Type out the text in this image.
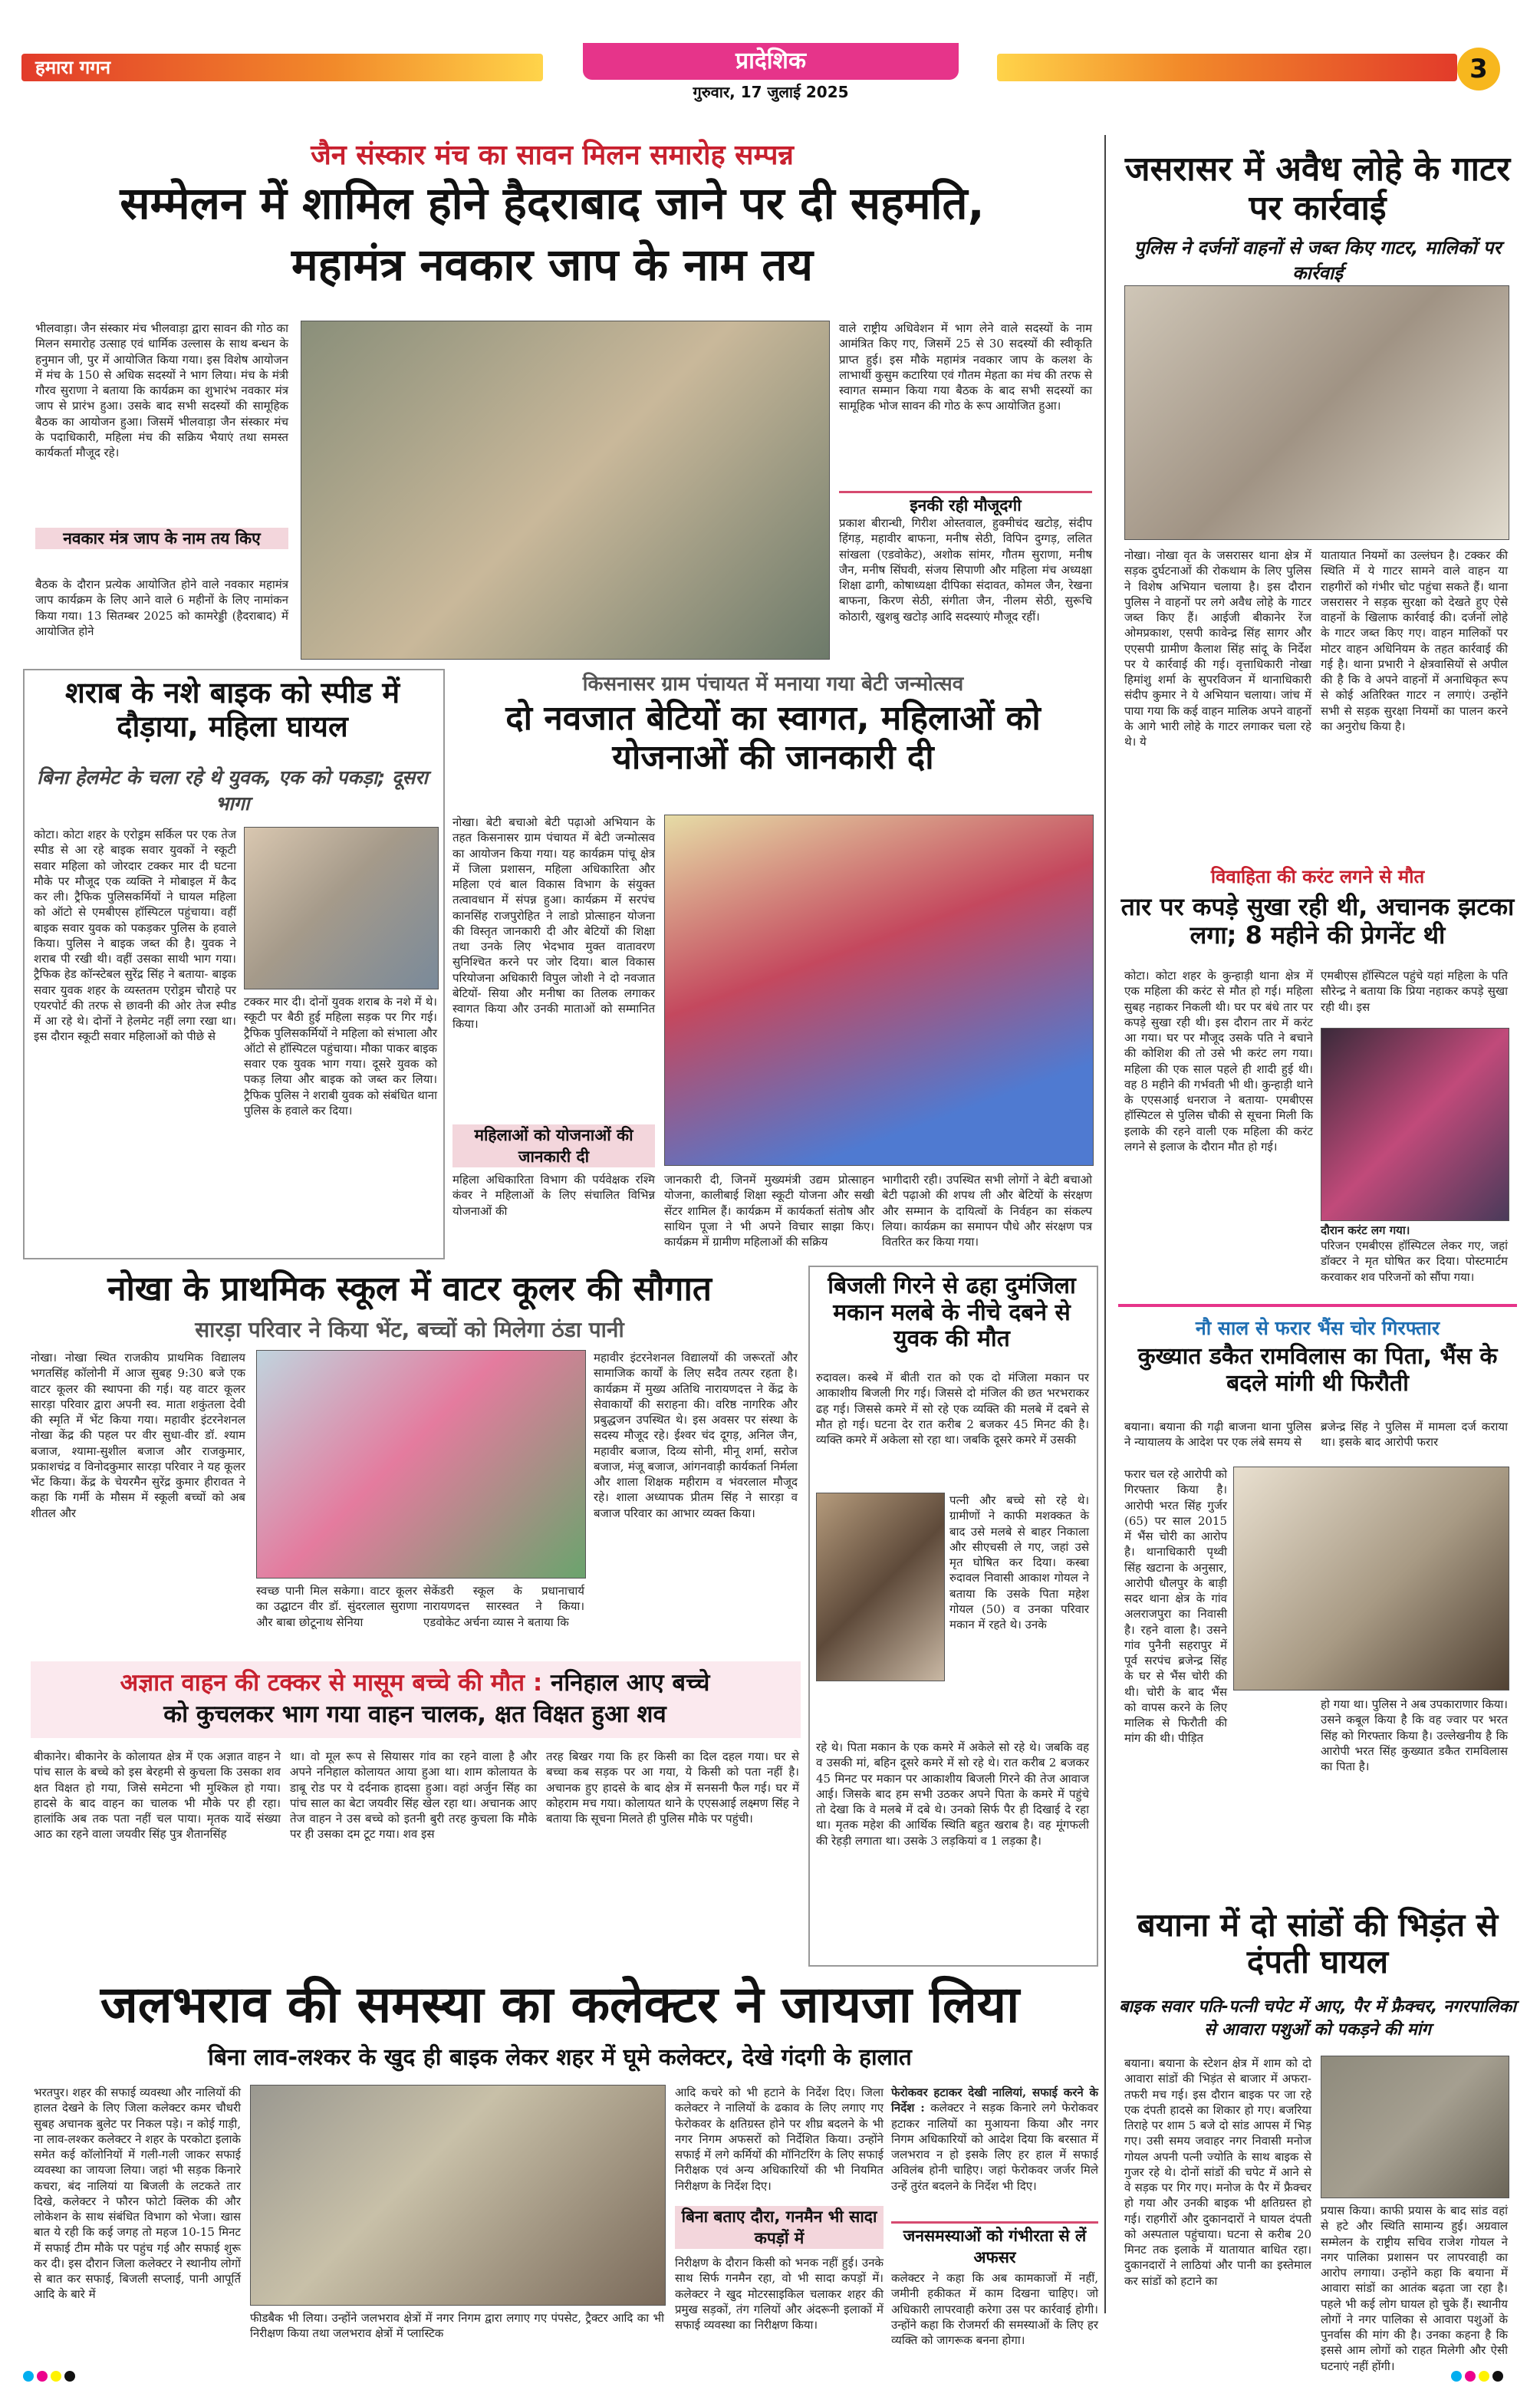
हमारा गगन	प्रादेशिक
गुरुवार, 17 जुलाई 2025
3
जैन संस्कार मंच का सावन मिलन समारोह सम्पन्न
सम्मेलन में शामिल होने हैदराबाद जाने पर दी सहमति,
महामंत्र नवकार जाप के नाम तय
भीलवाड़ा। जैन संस्कार मंच भीलवाड़ा द्वारा सावन की गोठ का मिलन समारोह उत्साह एवं धार्मिक उल्लास के साथ बन्धन के हनुमान जी, पुर में आयोजित किया गया। इस विशेष आयोजन में मंच के 150 से अधिक सदस्यों ने भाग लिया। मंच के मंत्री गौरव सुराणा ने बताया कि कार्यक्रम का शुभारंभ नवकार मंत्र जाप से प्रारंभ हुआ। उसके बाद सभी सदस्यों की सामूहिक बैठक का आयोजन हुआ। जिसमें भीलवाड़ा जैन संस्कार मंच के पदाधिकारी, महिला मंच की सक्रिय भैयाएं तथा समस्त कार्यकर्ता मौजूद रहे।
नवकार मंत्र जाप के नाम तय किए
बैठक के दौरान प्रत्येक आयोजित होने वाले नवकार महामंत्र जाप कार्यक्रम के लिए आने वाले 6 महीनों के लिए नामांकन किया गया। 13 सितम्बर 2025 को कामरेड्डी (हैदराबाद) में आयोजित होने
वाले राष्ट्रीय अधिवेशन में भाग लेने वाले सदस्यों के नाम आमंत्रित किए गए, जिसमें 25 से 30 सदस्यों की स्वीकृति प्राप्त हुई। इस मौके महामंत्र नवकार जाप के कलश के लाभार्थी कुसुम कटारिया एवं गौतम मेहता का मंच की तरफ से स्वागत सम्मान किया गया बैठक के बाद सभी सदस्यों का सामूहिक भोज सावन की गोठ के रूप आयोजित हुआ।
इनकी रही मौजूदगी
प्रकाश बीरान्धी, गिरीश ओस्तवाल, हुक्मीचंद खटोड़, संदीप हिंगड़, महावीर बाफना, मनीष सेठी, विपिन दुग्गड़, ललित सांखला (एडवोकेट), अशोक सांमर, गौतम सुराणा, मनीष जैन, मनीष सिंघवी, संजय सिपाणी और महिला मंच अध्यक्षा शिक्षा ढागी, कोषाध्यक्षा दीपिका संदावत, कोमल जैन, रेखना बाफना, किरण सेठी, संगीता जैन, नीलम सेठी, सुरूचि कोठारी, खुशबु खटोड़ आदि सदस्याएं मौजूद रहीं।
जसरासर में अवैध लोहे के गाटर पर कार्रवाई
पुलिस ने दर्जनों वाहनों से जब्त किए गाटर, मालिकों पर कार्रवाई
नोखा। नोखा वृत के जसरासर थाना क्षेत्र में सड़क दुर्घटनाओं की रोकथाम के लिए पुलिस ने विशेष अभियान चलाया है। इस दौरान पुलिस ने वाहनों पर लगे अवैध लोहे के गाटर जब्त किए हैं। आईजी बीकानेर रेंज ओमप्रकाश, एसपी कावेन्द्र सिंह सागर और एएसपी ग्रामीण कैलाश सिंह सांदू के निर्देश पर ये कार्रवाई की गई। वृत्ताधिकारी नोखा हिमांशु शर्मा के सुपरविजन में थानाधिकारी संदीप कुमार ने ये अभियान चलाया। जांच में पाया गया कि कई वाहन मालिक अपने वाहनों के आगे भारी लोहे के गाटर लगाकर चला रहे थे। ये
यातायात नियमों का उल्लंघन है। टक्कर की स्थिति में ये गाटर सामने वाले वाहन या राहगीरों को गंभीर चोट पहुंचा सकते हैं। थाना जसरासर ने सड़क सुरक्षा को देखते हुए ऐसे वाहनों के खिलाफ कार्रवाई की। दर्जनों लोहे के गाटर जब्त किए गए। वाहन मालिकों पर मोटर वाहन अधिनियम के तहत कार्रवाई की गई है। थाना प्रभारी ने क्षेत्रवासियों से अपील की है कि वे अपने वाहनों में अनाधिकृत रूप से कोई अतिरिक्त गाटर न लगाएं। उन्होंने सभी से सड़क सुरक्षा नियमों का पालन करने का अनुरोध किया है।
विवाहिता की करंट लगने से मौत
तार पर कपड़े सुखा रही थी, अचानक झटका लगा; 8 महीने की प्रेगनेंट थी
कोटा। कोटा शहर के कुन्हाड़ी थाना क्षेत्र में एक महिला की करंट से मौत हो गई। महिला सुबह नहाकर निकली थी। घर पर बंधे तार पर कपड़े सुखा रही थी। इस दौरान तार में करंट आ गया। घर पर मौजूद उसके पति ने बचाने की कोशिश की तो उसे भी करंट लग गया। महिला की एक साल पहले ही शादी हुई थी। वह 8 महीने की गर्भवती भी थी। कुन्हाड़ी थाने के एएसआई धनराज ने बताया- एमबीएस हॉस्पिटल से पुलिस चौकी से सूचना मिली कि इलाके की रहने वाली एक महिला की करंट लगने से इलाज के दौरान मौत हो गई।
एमबीएस हॉस्पिटल पहुंचे यहां महिला के पति सौरेन्द्र ने बताया कि प्रिया नहाकर कपड़े सुखा रही थी। इस
दौरान करंट लग गया।
परिजन एमबीएस हॉस्पिटल लेकर गए, जहां डॉक्टर ने मृत घोषित कर दिया। पोस्टमार्टम करवाकर शव परिजनों को सौंपा गया।
शराब के नशे बाइक को स्पीड में दौड़ाया, महिला घायल
बिना हेलमेट के चला रहे थे युवक, एक को पकड़ा; दूसरा भागा
कोटा। कोटा शहर के एरोड्रम सर्किल पर एक तेज स्पीड से आ रहे बाइक सवार युवकों ने स्कूटी सवार महिला को जोरदार टक्कर मार दी घटना मौके पर मौजूद एक व्यक्ति ने मोबाइल में कैद कर ली। ट्रैफिक पुलिसकर्मियों ने घायल महिला को ऑटो से एमबीएस हॉस्पिटल पहुंचाया। वहीं बाइक सवार युवक को पकड़कर पुलिस के हवाले किया। पुलिस ने बाइक जब्त की है। युवक ने शराब पी रखी थी। वहीं उसका साथी भाग गया। ट्रैफिक हेड कॉन्स्टेबल सुरेंद्र सिंह ने बताया- बाइक सवार युवक शहर के व्यस्ततम एरोड्रम चौराहे पर एयरपोर्ट की तरफ से छावनी की ओर तेज स्पीड में आ रहे थे। दोनों ने हेलमेट नहीं लगा रखा था। इस दौरान स्कूटी सवार महिलाओं को पीछे से
टक्कर मार दी। दोनों युवक शराब के नशे में थे। स्कूटी पर बैठी हुई महिला सड़क पर गिर गई। ट्रैफिक पुलिसकर्मियों ने महिला को संभाला और ऑटो से हॉस्पिटल पहुंचाया। मौका पाकर बाइक सवार एक युवक भाग गया। दूसरे युवक को पकड़ लिया और बाइक को जब्त कर लिया। ट्रैफिक पुलिस ने शराबी युवक को संबंधित थाना पुलिस के हवाले कर दिया।
किसनासर ग्राम पंचायत में मनाया गया बेटी जन्मोत्सव
दो नवजात बेटियों का स्वागत, महिलाओं को योजनाओं की जानकारी दी
नोखा। बेटी बचाओ बेटी पढ़ाओ अभियान के तहत किसनासर ग्राम पंचायत में बेटी जन्मोत्सव का आयोजन किया गया। यह कार्यक्रम पांचू क्षेत्र में जिला प्रशासन, महिला अधिकारिता और महिला एवं बाल विकास विभाग के संयुक्त तत्वावधान में संपन्न हुआ। कार्यक्रम में सरपंच कानसिंह राजपुरोहित ने लाडो प्रोत्साहन योजना की विस्तृत जानकारी दी और बेटियों की शिक्षा तथा उनके लिए भेदभाव मुक्त वातावरण सुनिश्चित करने पर जोर दिया। बाल विकास परियोजना अधिकारी विपुल जोशी ने दो नवजात बेटियों- सिया और मनीषा का तिलक लगाकर स्वागत किया और उनकी माताओं को सम्मानित किया।
महिलाओं को योजनाओं की जानकारी दी
महिला अधिकारिता विभाग की पर्यवेक्षक रश्मि कंवर ने महिलाओं के लिए संचालित विभिन्न योजनाओं की
जानकारी दी, जिनमें मुख्यमंत्री उद्यम प्रोत्साहन योजना, कालीबाई शिक्षा स्कूटी योजना और सखी सेंटर शामिल हैं। कार्यक्रम में कार्यकर्ता संतोष और साथिन पूजा ने भी अपने विचार साझा किए। कार्यक्रम में ग्रामीण महिलाओं की सक्रिय
भागीदारी रही। उपस्थित सभी लोगों ने बेटी बचाओ बेटी पढ़ाओ की शपथ ली और बेटियों के संरक्षण और सम्मान के दायित्वों के निर्वहन का संकल्प लिया। कार्यक्रम का समापन पौधे और संरक्षण पत्र वितरित कर किया गया।
नोखा के प्राथमिक स्कूल में वाटर कूलर की सौगात
सारड़ा परिवार ने किया भेंट, बच्चों को मिलेगा ठंडा पानी
नोखा। नोखा स्थित राजकीय प्राथमिक विद्यालय भगतसिंह कॉलोनी में आज सुबह 9:30 बजे एक वाटर कूलर की स्थापना की गई। यह वाटर कूलर सारड़ा परिवार द्वारा अपनी स्व. माता शकुंतला देवी की स्मृति में भेंट किया गया। महावीर इंटरनेशनल नोखा केंद्र की पहल पर वीर सुधा-वीर डॉ. श्याम बजाज, श्यामा-सुशील बजाज और राजकुमार, प्रकाशचंद्र व विनोदकुमार सारड़ा परिवार ने यह कूलर भेंट किया। केंद्र के चेयरमैन सुरेंद्र कुमार हीरावत ने कहा कि गर्मी के मौसम में स्कूली बच्चों को अब शीतल और
स्वच्छ पानी मिल सकेगा। वाटर कूलर का उद्घाटन वीर डॉ. सुंदरलाल सुराणा और बाबा छोटूनाथ सेनिया
सेकेंडरी स्कूल के प्रधानाचार्य नारायणदत्त सारस्वत ने किया। एडवोकेट अर्चना व्यास ने बताया कि
महावीर इंटरनेशनल विद्यालयों की जरूरतों और सामाजिक कार्यों के लिए सदैव तत्पर रहता है। कार्यक्रम में मुख्य अतिथि नारायणदत्त ने केंद्र के सेवाकार्यों की सराहना की। वरिष्ठ नागरिक और प्रबुद्धजन उपस्थित थे। इस अवसर पर संस्था के सदस्य मौजूद रहे। ईश्वर चंद दूगड़, अनिल जैन, महावीर बजाज, दिव्य सोनी, मीनू शर्मा, सरोज बजाज, मंजू बजाज, आंगनवाड़ी कार्यकर्ता निर्मला और शाला शिक्षक महीराम व भंवरलाल मौजूद रहे। शाला अध्यापक प्रीतम सिंह ने सारड़ा व बजाज परिवार का आभार व्यक्त किया।
बिजली गिरने से ढहा दुमंजिला मकान मलबे के नीचे दबने से युवक की मौत
रुदावल। कस्बे में बीती रात को एक दो मंजिला मकान पर आकाशीय बिजली गिर गई। जिससे दो मंजिल की छत भरभराकर ढह गई। जिससे कमरे में सो रहे एक व्यक्ति की मलबे में दबने से मौत हो गई। घटना देर रात करीब 2 बजकर 45 मिनट की है। व्यक्ति कमरे में अकेला सो रहा था। जबकि दूसरे कमरे में उसकी
पत्नी और बच्चे सो रहे थे। ग्रामीणों ने काफी मशक्कत के बाद उसे मलबे से बाहर निकाला और सीएचसी ले गए, जहां उसे मृत घोषित कर दिया। कस्बा रुदावल निवासी आकाश गोयल ने बताया कि उसके पिता महेश गोयल (50) व उनका परिवार मकान में रहते थे। उनके
रहे थे। पिता मकान के एक कमरे में अकेले सो रहे थे। जबकि वह व उसकी मां, बहिन दूसरे कमरे में सो रहे थे। रात करीब 2 बजकर 45 मिनट पर मकान पर आकाशीय बिजली गिरने की तेज आवाज आई। जिसके बाद हम सभी उठकर अपने पिता के कमरे में पहुंचे तो देखा कि वे मलबे में दबे थे। उनको सिर्फ पैर ही दिखाई दे रहा था। मृतक महेश की आर्थिक स्थिति बहुत खराब है। वह मूंगफली की रेहड़ी लगाता था। उसके 3 लड़कियां व 1 लड़का है।
नौ साल से फरार भैंस चोर गिरफ्तार
कुख्यात डकैत रामविलास का पिता, भैंस के बदले मांगी थी फिरौती
बयाना। बयाना की गढ़ी बाजना थाना पुलिस ने न्यायालय के आदेश पर एक लंबे समय से
ब्रजेन्द्र सिंह ने पुलिस में मामला दर्ज कराया था। इसके बाद आरोपी फरार
फरार चल रहे आरोपी को गिरफ्तार किया है। आरोपी भरत सिंह गुर्जर (65) पर साल 2015 में भैंस चोरी का आरोप है। थानाधिकारी पृथ्वी सिंह खटाना के अनुसार, आरोपी धौलपुर के बाड़ी सदर थाना क्षेत्र के गांव अलराजपुरा का निवासी है। रहने वाला है। उसने गांव पुनैनी सहरापुर में पूर्व सरपंच ब्रजेन्द्र सिंह के घर से भैंस चोरी की थी। चोरी के बाद भैंस को वापस करने के लिए मालिक से फिरौती की मांग की थी। पीड़ित
हो गया था। पुलिस ने अब उपकाराणार किया। उसने कबूल किया है कि वह ज्वार पर भरत सिंह को गिरफ्तार किया है। उल्लेखनीय है कि आरोपी भरत सिंह कुख्यात डकैत रामविलास का पिता है।
अज्ञात वाहन की टक्कर से मासूम बच्चे की मौत : ननिहाल आए बच्चे
को कुचलकर भाग गया वाहन चालक, क्षत विक्षत हुआ शव
बीकानेर। बीकानेर के कोलायत क्षेत्र में एक अज्ञात वाहन ने पांच साल के बच्चे को इस बेरहमी से कुचला कि उसका शव क्षत विक्षत हो गया, जिसे समेटना भी मुश्किल हो गया। हादसे के बाद वाहन का चालक भी मौके पर ही रहा। हालांकि अब तक पता नहीं चल पाया। मृतक यादें संख्या आठ का रहने वाला जयवीर सिंह पुत्र शैतानसिंह
था। वो मूल रूप से सियासर गांव का रहने वाला है और अपने ननिहाल कोलायत आया हुआ था। शाम कोलायत के डाबू रोड पर ये दर्दनाक हादसा हुआ। वहां अर्जुन सिंह का पांच साल का बेटा जयवीर सिंह खेल रहा था। अचानक आए तेज वाहन ने उस बच्चे को इतनी बुरी तरह कुचला कि मौके पर ही उसका दम टूट गया। शव इस
तरह बिखर गया कि हर किसी का दिल दहल गया। घर से बच्चा कब सड़क पर आ गया, ये किसी को पता नहीं है। अचानक हुए हादसे के बाद क्षेत्र में सनसनी फैल गई। घर में कोहराम मच गया। कोलायत थाने के एएसआई लक्ष्मण सिंह ने बताया कि सूचना मिलते ही पुलिस मौके पर पहुंची।
बयाना में दो सांडों की भिड़ंत से दंपती घायल
बाइक सवार पति-पत्नी चपेट में आए, पैर में फ्रैक्चर, नगरपालिका से आवारा पशुओं को पकड़ने की मांग
बयाना। बयाना के स्टेशन क्षेत्र में शाम को दो आवारा सांडों की भिड़ंत से बाजार में अफरा-तफरी मच गई। इस दौरान बाइक पर जा रहे एक दंपती हादसे का शिकार हो गए। बजरिया तिराहे पर शाम 5 बजे दो सांड आपस में भिड़ गए। उसी समय जवाहर नगर निवासी मनोज गोयल अपनी पत्नी ज्योति के साथ बाइक से गुजर रहे थे। दोनों सांडों की चपेट में आने से वे सड़क पर गिर गए। मनोज के पैर में फ्रैक्चर हो गया और उनकी बाइक भी क्षतिग्रस्त हो गई। राहगीरों और दुकानदारों ने घायल दंपती को अस्पताल पहुंचाया। घटना से करीब 20 मिनट तक इलाके में यातायात बाधित रहा। दुकानदारों ने लाठियां और पानी का इस्तेमाल कर सांडों को हटाने का
प्रयास किया। काफी प्रयास के बाद सांड वहां से हटे और स्थिति सामान्य हुई। अग्रवाल सम्मेलन के राष्ट्रीय सचिव राजेश गोयल ने नगर पालिका प्रशासन पर लापरवाही का आरोप लगाया। उन्होंने कहा कि बयाना में आवारा सांडों का आतंक बढ़ता जा रहा है। पहले भी कई लोग घायल हो चुके हैं। स्थानीय लोगों ने नगर पालिका से आवारा पशुओं के पुनर्वास की मांग की है। उनका कहना है कि इससे आम लोगों को राहत मिलेगी और ऐसी घटनाएं नहीं होंगी।
जलभराव की समस्या का कलेक्टर ने जायजा लिया
बिना लाव-लश्कर के खुद ही बाइक लेकर शहर में घूमे कलेक्टर, देखे गंदगी के हालात
भरतपुर। शहर की सफाई व्यवस्था और नालियों की हालत देखने के लिए जिला कलेक्टर कमर चौधरी सुबह अचानक बुलेट पर निकल पड़े। न कोई गाड़ी, ना लाव-लश्कर कलेक्टर ने शहर के परकोटा इलाके समेत कई कॉलोनियों में गली-गली जाकर सफाई व्यवस्था का जायजा लिया। जहां भी सड़क किनारे कचरा, बंद नालियां या बिजली के लटकते तार दिखे, कलेक्टर ने फौरन फोटो क्लिक की और लोकेशन के साथ संबंधित विभाग को भेजा। खास बात ये रही कि कई जगह तो महज 10-15 मिनट में सफाई टीम मौके पर पहुंच गई और सफाई शुरू कर दी। इस दौरान जिला कलेक्टर ने स्थानीय लोगों से बात कर सफाई, बिजली सप्लाई, पानी आपूर्ति आदि के बारे में
फीडबैक भी लिया। उन्होंने जलभराव क्षेत्रों में नगर निगम द्वारा लगाए गए पंपसेट, ट्रैक्टर आदि का भी निरीक्षण किया तथा जलभराव क्षेत्रों में प्लास्टिक
आदि कचरे को भी हटाने के निर्देश दिए। जिला कलेक्टर ने नालियों के ढकाव के लिए लगाए गए फेरोकवर के क्षतिग्रस्त होने पर शीघ्र बदलने के भी नगर निगम अफसरों को निर्देशित किया। उन्होंने सफाई में लगे कर्मियों की मॉनिटरिंग के लिए सफाई निरीक्षक एवं अन्य अधिकारियों की भी नियमित निरीक्षण के निर्देश दिए।
बिना बताए दौरा, गनमैन भी सादा कपड़ों में
निरीक्षण के दौरान किसी को भनक नहीं हुई। उनके साथ सिर्फ गनमैन रहा, वो भी सादा कपड़ों में। कलेक्टर ने खुद मोटरसाइकिल चलाकर शहर की प्रमुख सड़कों, तंग गलियों और अंदरूनी इलाकों में सफाई व्यवस्था का निरीक्षण किया।
फेरोकवर हटाकर देखी नालियां, सफाई करने के निर्देश : कलेक्टर ने सड़क किनारे लगे फेरोकवर हटाकर नालियों का मुआयना किया और नगर निगम अधिकारियों को आदेश दिया कि बरसात में जलभराव न हो इसके लिए हर हाल में सफाई अविलंब होनी चाहिए। जहां फेरोकवर जर्जर मिले उन्हें तुरंत बदलने के निर्देश भी दिए।
जनसमस्याओं को गंभीरता से लें अफसर
कलेक्टर ने कहा कि अब कामकाजों में नहीं, जमीनी हकीकत में काम दिखना चाहिए। जो अधिकारी लापरवाही करेगा उस पर कार्रवाई होगी। उन्होंने कहा कि रोजमर्रा की समस्याओं के लिए हर व्यक्ति को जागरूक बनना होगा।
